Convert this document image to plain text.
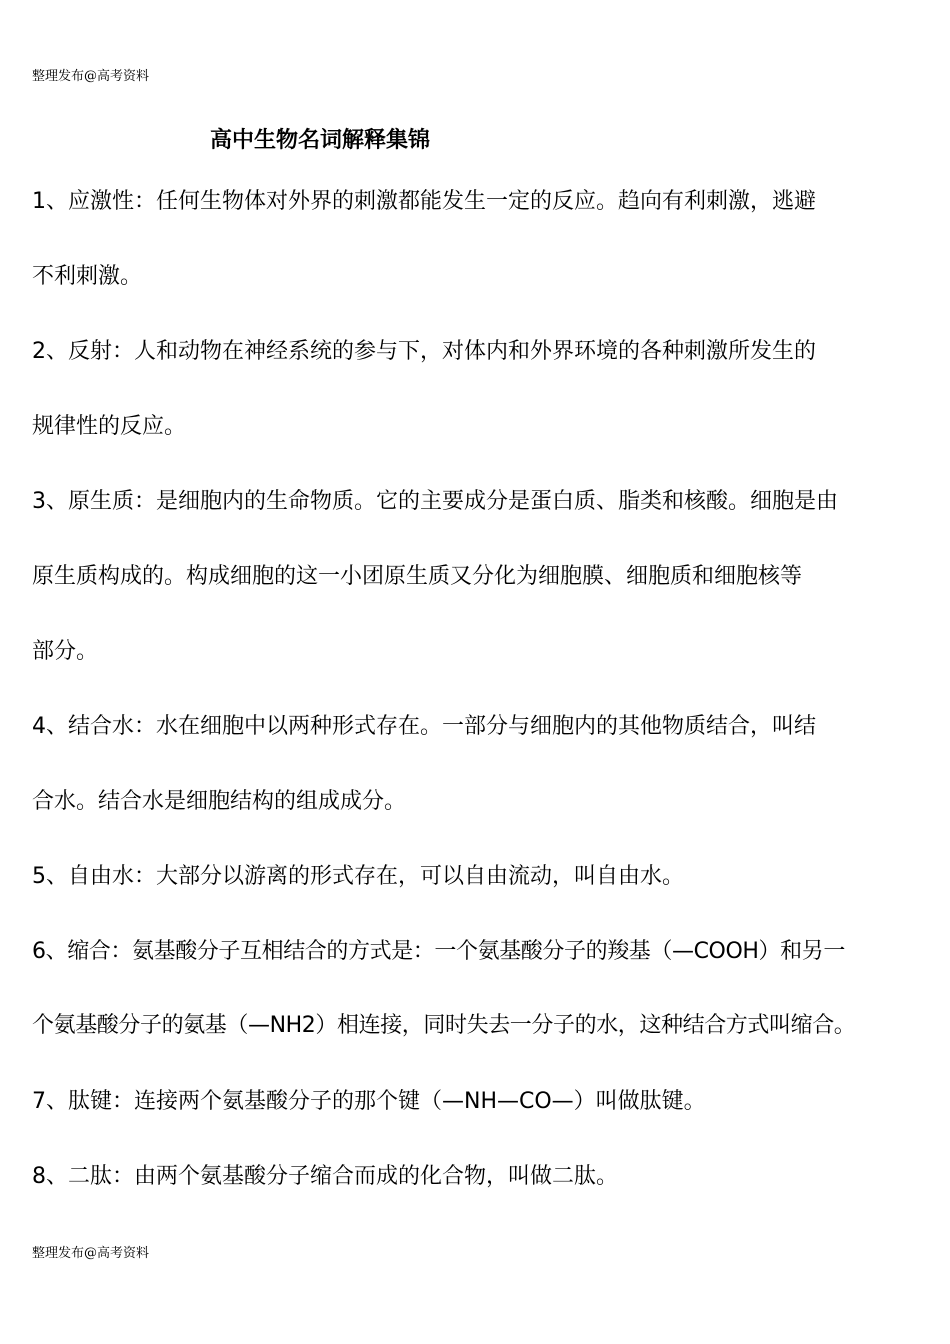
整理发布@高考资料
高中生物名词解释集锦
1、应激性：任何生物体对外界的刺激都能发生一定的反应。趋向有利刺激，逃避
不利刺激。
2、反射：人和动物在神经系统的参与下，对体内和外界环境的各种刺激所发生的
规律性的反应。
3、原生质：是细胞内的生命物质。它的主要成分是蛋白质、脂类和核酸。细胞是由
原生质构成的。构成细胞的这一小团原生质又分化为细胞膜、细胞质和细胞核等
部分。
4、结合水：水在细胞中以两种形式存在。一部分与细胞内的其他物质结合，叫结
合水。结合水是细胞结构的组成成分。
5、自由水：大部分以游离的形式存在，可以自由流动，叫自由水。
6、缩合：氨基酸分子互相结合的方式是：一个氨基酸分子的羧基（—COOH）和另一
个氨基酸分子的氨基（—NH2）相连接，同时失去一分子的水，这种结合方式叫缩合。
7、肽键：连接两个氨基酸分子的那个键（—NH—CO—）叫做肽键。
8、二肽：由两个氨基酸分子缩合而成的化合物，叫做二肽。
整理发布@高考资料
